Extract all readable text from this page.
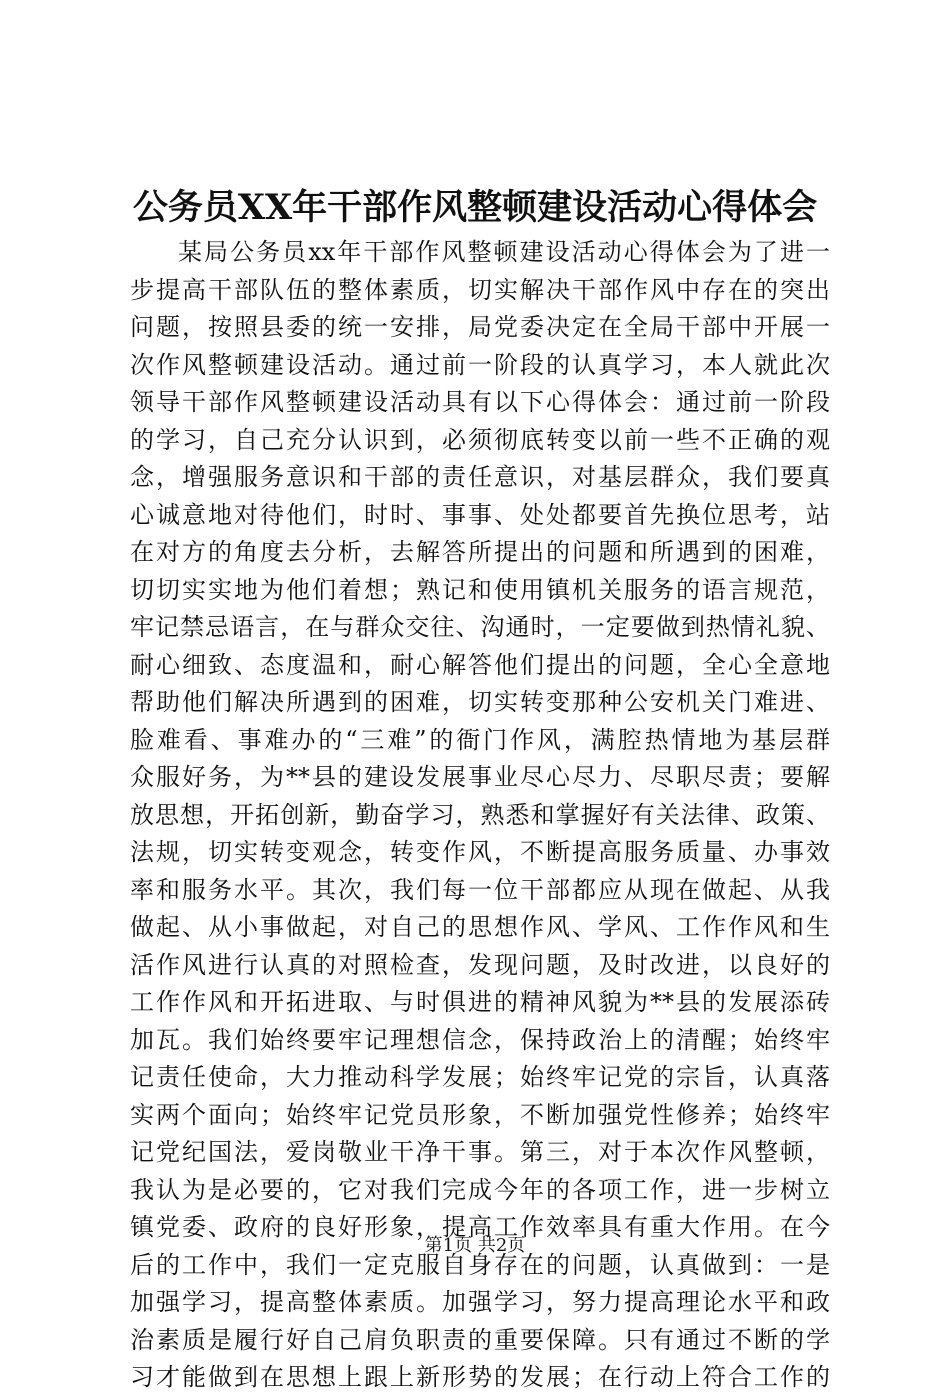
公务员XX年干部作风整顿建设活动心得体会
某局公务员xx年干部作风整顿建设活动心得体会为了进一
步提高干部队伍的整体素质，切实解决干部作风中存在的突出
问题，按照县委的统一安排，局党委决定在全局干部中开展一
次作风整顿建设活动。通过前一阶段的认真学习，本人就此次
领导干部作风整顿建设活动具有以下心得体会：通过前一阶段
的学习，自己充分认识到，必须彻底转变以前一些不正确的观
念，增强服务意识和干部的责任意识，对基层群众，我们要真
心诚意地对待他们，时时、事事、处处都要首先换位思考，站
在对方的角度去分析，去解答所提出的问题和所遇到的困难，
切切实实地为他们着想；熟记和使用镇机关服务的语言规范，
牢记禁忌语言，在与群众交往、沟通时，一定要做到热情礼貌、
耐心细致、态度温和，耐心解答他们提出的问题，全心全意地
帮助他们解决所遇到的困难，切实转变那种公安机关门难进、
脸难看、事难办的“三难”的衙门作风，满腔热情地为基层群
众服好务，为**县的建设发展事业尽心尽力、尽职尽责；要解
放思想，开拓创新，勤奋学习，熟悉和掌握好有关法律、政策、
法规，切实转变观念，转变作风，不断提高服务质量、办事效
率和服务水平。其次，我们每一位干部都应从现在做起、从我
做起、从小事做起，对自己的思想作风、学风、工作作风和生
活作风进行认真的对照检查，发现问题，及时改进，以良好的
工作作风和开拓进取、与时俱进的精神风貌为**县的发展添砖
加瓦。我们始终要牢记理想信念，保持政治上的清醒；始终牢
记责任使命，大力推动科学发展；始终牢记党的宗旨，认真落
实两个面向；始终牢记党员形象，不断加强党性修养；始终牢
记党纪国法，爱岗敬业干净干事。第三，对于本次作风整顿，
我认为是必要的，它对我们完成今年的各项工作，进一步树立
镇党委、政府的良好形象，提高工作效率具有重大作用。在今
后的工作中，我们一定克服自身存在的问题，认真做到：一是
加强学习，提高整体素质。加强学习，努力提高理论水平和政
治素质是履行好自己肩负职责的重要保障。只有通过不断的学
习才能做到在思想上跟上新形势的发展；在行动上符合工作的
第1页 共2页
